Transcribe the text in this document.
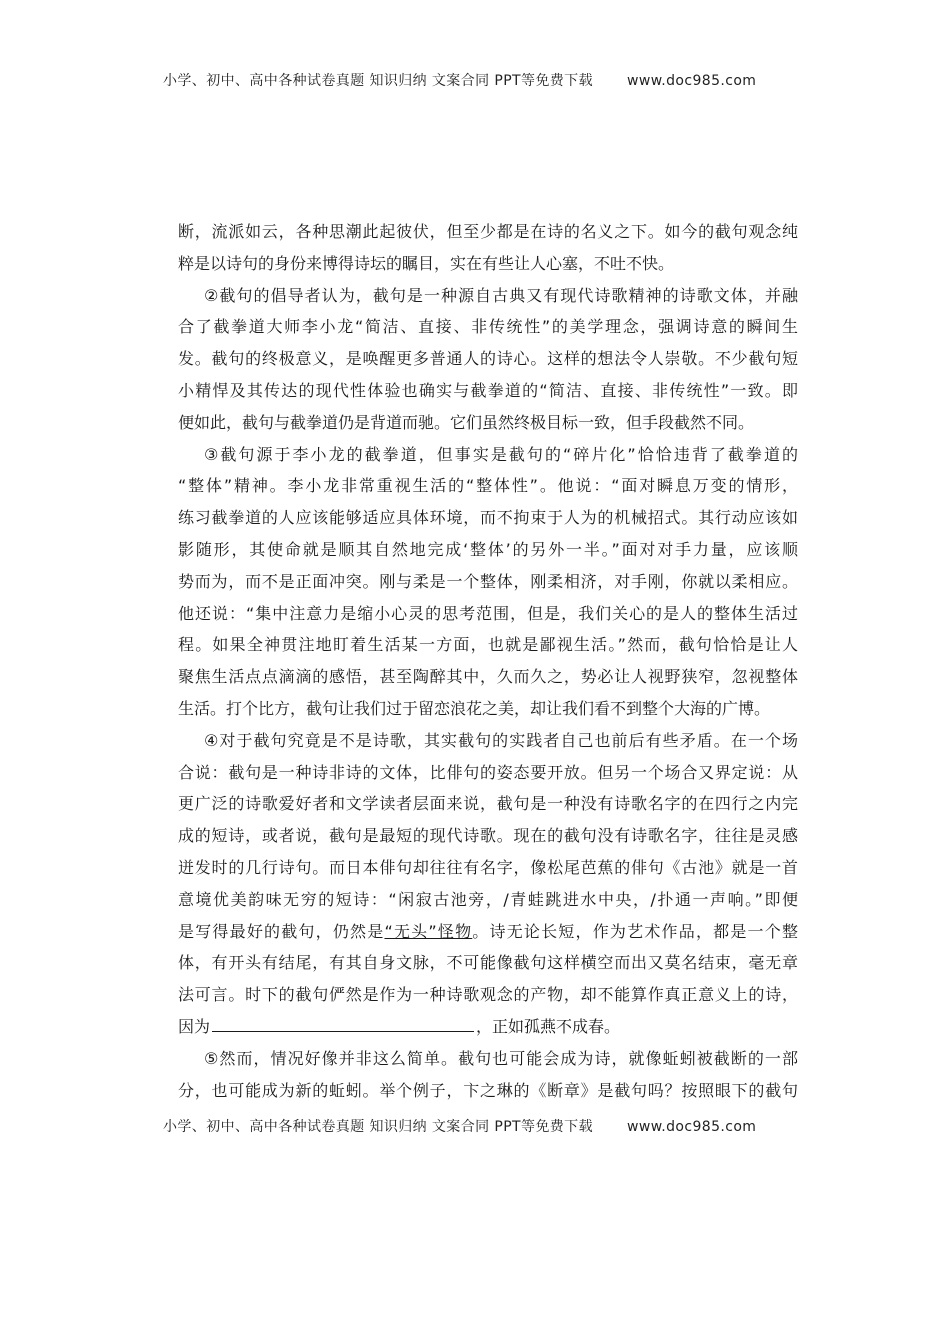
小学、初中、高中各种试卷真题 知识归纳 文案合同 PPT等免费下载 www.doc985.com
断，流派如云，各种思潮此起彼伏，但至少都是在诗的名义之下。如今的截句观念纯
粹是以诗句的身份来博得诗坛的瞩目，实在有些让人心塞，不吐不快。
②截句的倡导者认为，截句是一种源自古典又有现代诗歌精神的诗歌文体，并融
合了截拳道大师李小龙“简洁、直接、非传统性”的美学理念，强调诗意的瞬间生
发。截句的终极意义，是唤醒更多普通人的诗心。这样的想法令人崇敬。不少截句短
小精悍及其传达的现代性体验也确实与截拳道的“简洁、直接、非传统性”一致。即
便如此，截句与截拳道仍是背道而驰。它们虽然终极目标一致，但手段截然不同。
③截句源于李小龙的截拳道，但事实是截句的“碎片化”恰恰违背了截拳道的
“整体”精神。李小龙非常重视生活的“整体性”。他说：“面对瞬息万变的情形，
练习截拳道的人应该能够适应具体环境，而不拘束于人为的机械招式。其行动应该如
影随形，其使命就是顺其自然地完成‘整体’的另外一半。”面对对手力量，应该顺
势而为，而不是正面冲突。刚与柔是一个整体，刚柔相济，对手刚，你就以柔相应。
他还说：“集中注意力是缩小心灵的思考范围，但是，我们关心的是人的整体生活过
程。如果全神贯注地盯着生活某一方面，也就是鄙视生活。”然而，截句恰恰是让人
聚焦生活点点滴滴的感悟，甚至陶醉其中，久而久之，势必让人视野狭窄，忽视整体
生活。打个比方，截句让我们过于留恋浪花之美，却让我们看不到整个大海的广博。
④对于截句究竟是不是诗歌，其实截句的实践者自己也前后有些矛盾。在一个场
合说：截句是一种诗非诗的文体，比俳句的姿态要开放。但另一个场合又界定说：从
更广泛的诗歌爱好者和文学读者层面来说，截句是一种没有诗歌名字的在四行之内完
成的短诗，或者说，截句是最短的现代诗歌。现在的截句没有诗歌名字，往往是灵感
迸发时的几行诗句。而日本俳句却往往有名字，像松尾芭蕉的俳句《古池》就是一首
意境优美韵味无穷的短诗：“闲寂古池旁，/青蛙跳进水中央，/扑通一声响。”即便
是写得最好的截句，仍然是“无头”怪物。诗无论长短，作为艺术作品，都是一个整
体，有开头有结尾，有其自身文脉，不可能像截句这样横空而出又莫名结束，毫无章
法可言。时下的截句俨然是作为一种诗歌观念的产物，却不能算作真正意义上的诗，
因为	，正如孤燕不成春。
⑤然而，情况好像并非这么简单。截句也可能会成为诗，就像蚯蚓被截断的一部
分，也可能成为新的蚯蚓。举个例子，卞之琳的《断章》是截句吗？按照眼下的截句
小学、初中、高中各种试卷真题 知识归纳 文案合同 PPT等免费下载 www.doc985.com
